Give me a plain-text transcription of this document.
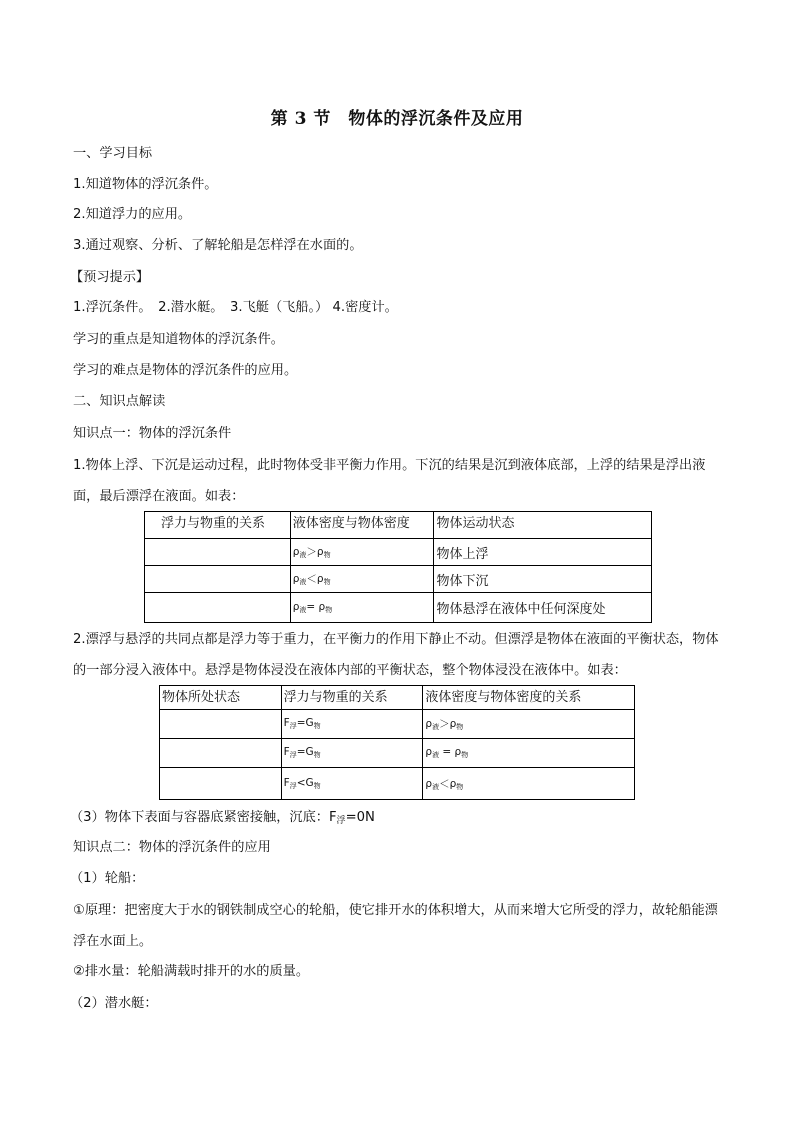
第 3 节　物体的浮沉条件及应用
一、学习目标
1.知道物体的浮沉条件。
2.知道浮力的应用。
3.通过观察、分析、了解轮船是怎样浮在水面的。
【预习提示】
1.浮沉条件。　2.潜水艇。　3.飞艇（飞船。） 4.密度计。
学习的重点是知道物体的浮沉条件。
学习的难点是物体的浮沉条件的应用。
二、知识点解读
知识点一：物体的浮沉条件
1.物体上浮、下沉是运动过程，此时物体受非平衡力作用。下沉的结果是沉到液体底部，上浮的结果是浮出液面，最后漂浮在液面。如表：
浮力与物重的关系	液体密度与物体密度	物体运动状态
	$\rho_液>\rho_物$	物体上浮
	$\rho_液<\rho_物$	物体下沉
	$\rho_液= \rho_物$	物体悬浮在液体中任何深度处
2.漂浮与悬浮的共同点都是浮力等于重力，在平衡力的作用下静止不动。但漂浮是物体在液面的平衡状态，物体的一部分浸入液体中。悬浮是物体浸没在液体内部的平衡状态，整个物体浸没在液体中。如表：
物体所处状态	浮力与物重的关系	液体密度与物体密度的关系
	$F_浮=G_物$	$\rho_液>\rho_物$
	$F_浮=G_物$	$\rho_液 = \rho_物$
	$F_浮<G_物$	$\rho_液<\rho_物$
（3）物体下表面与容器底紧密接触，沉底：$F_浮=0N$
知识点二：物体的浮沉条件的应用
（1）轮船：
①原理：把密度大于水的钢铁制成空心的轮船，使它排开水的体积增大，从而来增大它所受的浮力，故轮船能漂浮在水面上。
②排水量：轮船满载时排开的水的质量。
（2）潜水艇：
